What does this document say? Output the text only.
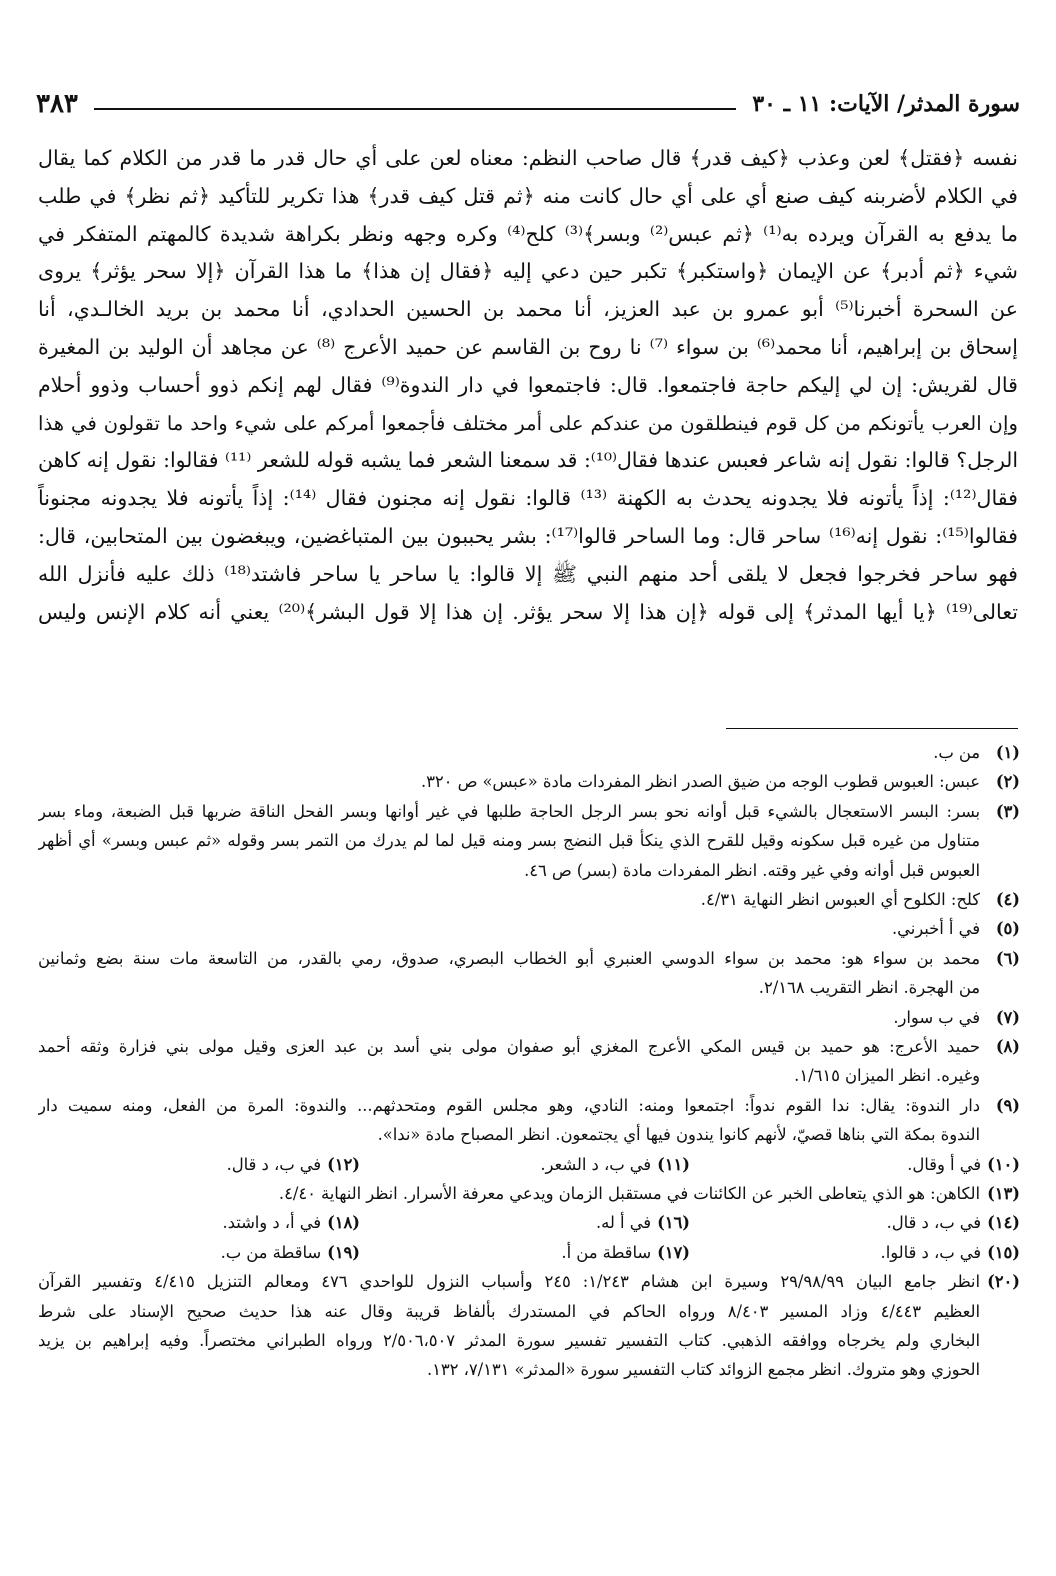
سورة المدثر/ الآيات: ١١ ـ ٣٠
٣٨٣
نفسه ﴿فقتل﴾ لعن وعذب ﴿كيف قدر﴾ قال صاحب النظم: معناه لعن على أي حال قدر ما قدر من الكلام كما يقال
في الكلام لأضربنه كيف صنع أي على أي حال كانت منه ﴿ثم قتل كيف قدر﴾ هذا تكرير للتأكيد ﴿ثم نظر﴾ في طلب
ما يدفع به القرآن ويرده به⁽¹⁾ ﴿ثم عبس⁽²⁾ وبسر﴾⁽³⁾ كلح⁽⁴⁾ وكره وجهه ونظر بكراهة شديدة كالمهتم المتفكر في
شيء ﴿ثم أدبر﴾ عن الإيمان ﴿واستكبر﴾ تكبر حين دعي إليه ﴿فقال إن هذا﴾ ما هذا القرآن ﴿إلا سحر يؤثر﴾ يروى
عن السحرة أخبرنا⁽⁵⁾ أبو عمرو بن عبد العزيز، أنا محمد بن الحسين الحدادي، أنا محمد بن بريد الخالـدي، أنا
إسحاق بن إبراهيم، أنا محمد⁽⁶⁾ بن سواء ⁽⁷⁾ نا روح بن القاسم عن حميد الأعرج ⁽⁸⁾ عن مجاهد أن الوليد بن المغيرة
قال لقريش: إن لي إليكم حاجة فاجتمعوا. قال: فاجتمعوا في دار الندوة⁽⁹⁾ فقال لهم إنكم ذوو أحساب وذوو أحلام
وإن العرب يأتونكم من كل قوم فينطلقون من عندكم على أمر مختلف فأجمعوا أمركم على شيء واحد ما تقولون في هذا
الرجل؟ قالوا: نقول إنه شاعر فعبس عندها فقال⁽¹⁰⁾: قد سمعنا الشعر فما يشبه قوله للشعر ⁽¹¹⁾ فقالوا: نقول إنه كاهن
فقال⁽¹²⁾: إذاً يأتونه فلا يجدونه يحدث به الكهنة ⁽¹³⁾ قالوا: نقول إنه مجنون فقال ⁽¹⁴⁾: إذاً يأتونه فلا يجدونه مجنوناً
فقالوا⁽¹⁵⁾: نقول إنه⁽¹⁶⁾ ساحر قال: وما الساحر قالوا⁽¹⁷⁾: بشر يحببون بين المتباغضين، ويبغضون بين المتحابين، قال:
فهو ساحر فخرجوا فجعل لا يلقى أحد منهم النبي ﷺ إلا قالوا: يا ساحر يا ساحر فاشتد⁽¹⁸⁾ ذلك عليه فأنزل الله
تعالى⁽¹⁹⁾ ﴿يا أيها المدثر﴾ إلى قوله ﴿إن هذا إلا سحر يؤثر. إن هذا إلا قول البشر﴾⁽²⁰⁾ يعني أنه كلام الإنس وليس
(١)
من ب.
(٢)
عبس: العبوس قطوب الوجه من ضيق الصدر انظر المفردات مادة «عبس» ص ٣٢٠.
(٣)
بسر: البسر الاستعجال بالشيء قبل أوانه نحو بسر الرجل الحاجة طلبها في غير أوانها وبسر الفحل الناقة ضربها قبل الضبعة، وماء بسر
متناول من غيره قبل سكونه وقيل للقرح الذي ينكأ قبل النضج بسر ومنه قيل لما لم يدرك من التمر بسر وقوله «ثم عبس وبسر» أي أظهر
العبوس قبل أوانه وفي غير وقته. انظر المفردات مادة (بسر) ص ٤٦.
(٤)
كلح: الكلوح أي العبوس انظر النهاية ٤/٣١.
(٥)
في أ أخبرني.
(٦)
محمد بن سواء هو: محمد بن سواء الدوسي العنبري أبو الخطاب البصري، صدوق، رمي بالقدر، من التاسعة مات سنة بضع وثمانين
من الهجرة. انظر التقريب ٢/١٦٨.
(٧)
في ب سوار.
(٨)
حميد الأعرج: هو حميد بن قيس المكي الأعرج المغزي أبو صفوان مولى بني أسد بن عبد العزى وقيل مولى بني فزارة وثقه أحمد
وغيره. انظر الميزان ١/٦١٥.
(٩)
دار الندوة: يقال: ندا القوم ندواً: اجتمعوا ومنه: النادي، وهو مجلس القوم ومتحدثهم... والندوة: المرة من الفعل، ومنه سميت دار
الندوة بمكة التي بناها قصيّ، لأنهم كانوا يندون فيها أي يجتمعون. انظر المصباح مادة «ندا».
(١٠)في أ وقال.
(١١)في ب، د الشعر.
(١٢)في ب، د قال.
(١٣)
الكاهن: هو الذي يتعاطى الخبر عن الكائنات في مستقبل الزمان ويدعي معرفة الأسرار. انظر النهاية ٤/٤٠.
(١٤)في ب، د قال.
(١٦)في أ له.
(١٨)في أ، د واشتد.
(١٥)في ب، د قالوا.
(١٧)ساقطة من أ.
(١٩)ساقطة من ب.
(٢٠)
انظر جامع البيان ٢٩/٩٨/٩٩ وسيرة ابن هشام ١/٢٤٣: ٢٤٥ وأسباب النزول للواحدي ٤٧٦ ومعالم التنزيل ٤/٤١٥ وتفسير القرآن
العظيم ٤/٤٤٣ وزاد المسير ٨/٤٠٣ ورواه الحاكم في المستدرك بألفاظ قريبة وقال عنه هذا حديث صحيح الإسناد على شرط
البخاري ولم يخرجاه ووافقه الذهبي. كتاب التفسير تفسير سورة المدثر ٢/٥٠٦،٥٠٧ ورواه الطبراني مختصراً. وفيه إبراهيم بن يزيد
الحوزي وهو متروك. انظر مجمع الزوائد كتاب التفسير سورة «المدثر» ٧/١٣١، ١٣٢.
